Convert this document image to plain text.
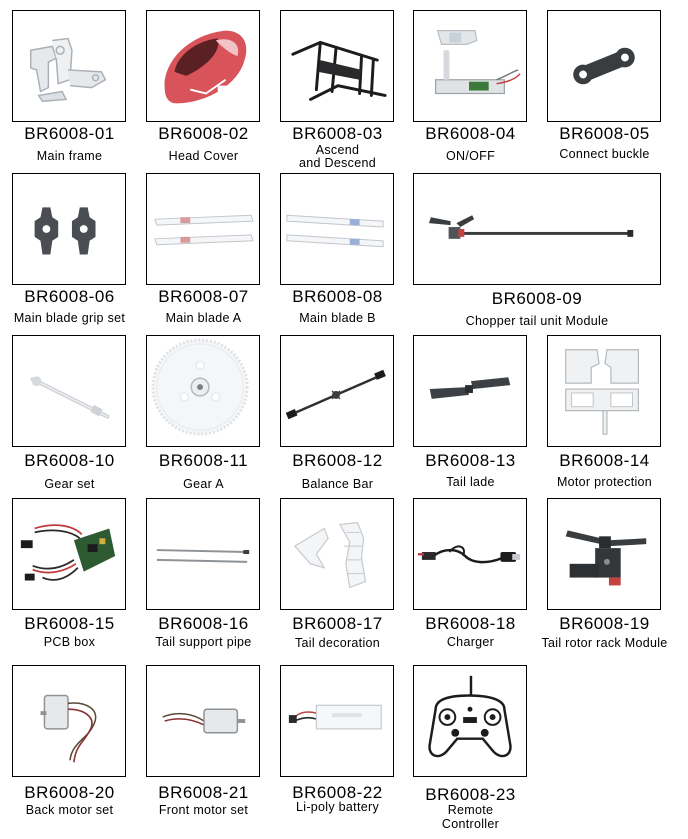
BR6008-01
Main frame
BR6008-02
Head Cover
BR6008-03
Ascend
and Descend
BR6008-04
ON/OFF
BR6008-05
Connect buckle
BR6008-06
Main blade grip set
BR6008-07
Main blade A
BR6008-08
Main blade B
BR6008-09
Chopper tail unit Module
BR6008-10
Gear set
BR6008-11
Gear A
BR6008-12
Balance Bar
BR6008-13
Tail lade
BR6008-14
Motor protection
BR6008-15
PCB box
BR6008-16
Tail support pipe
BR6008-17
Tail decoration
BR6008-18
Charger
BR6008-19
Tail rotor rack Module
BR6008-20
Back motor set
BR6008-21
Front motor set
BR6008-22
Li-poly battery
BR6008-23
Remote
Controller
